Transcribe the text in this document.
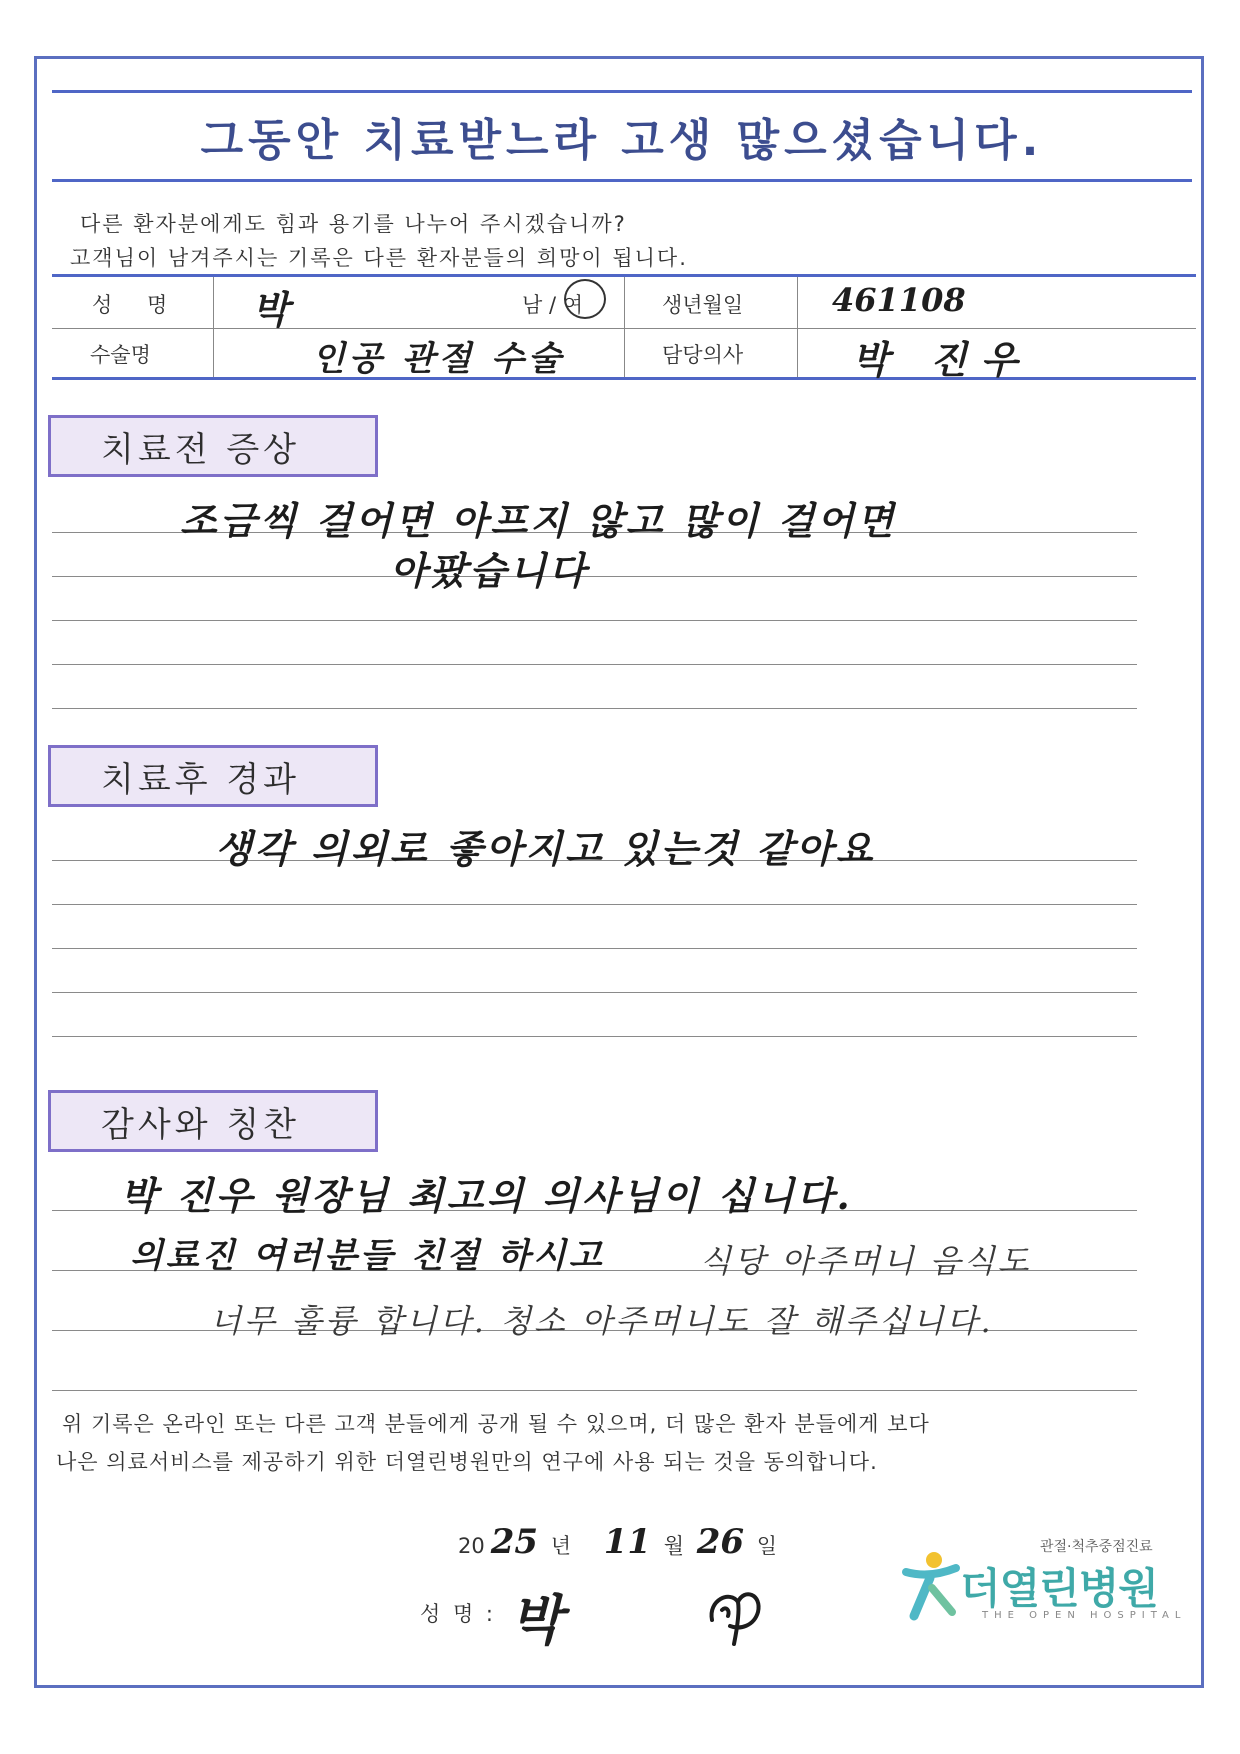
그동안 치료받느라 고생 많으셨습니다.
다른 환자분에게도 힘과 용기를 나누어 주시겠습니까?
고객님이 남겨주시는 기록은 다른 환자분들의 희망이 됩니다.
성 명 박	남 / 여	생년월일	461108
수술명	인공 관절 수술	담당의사	박 진우
치료전 증상
조금씩 걸어면 아프지 않고 많이 걸어면
아팠습니다
치료후 경과
생각 의외로 좋아지고 있는것 같아요
감사와 칭찬
박 진우 원장님 최고의 의사님이 십니다.
의료진 여러분들 친절 하시고	식당 아주머니 음식도
너무 훌륭 합니다. 청소 아주머니도 잘 해주십니다.
위 기록은 온라인 또는 다른 고객 분들에게 공개 될 수 있으며, 더 많은 환자 분들에게 보다
나은 의료서비스를 제공하기 위한 더열린병원만의 연구에 사용 되는 것을 동의합니다.
20 25 년 11 월 26 일
성 명 : 박
관절·척추중점진료
더열린병원
THE OPEN HOSPITAL
